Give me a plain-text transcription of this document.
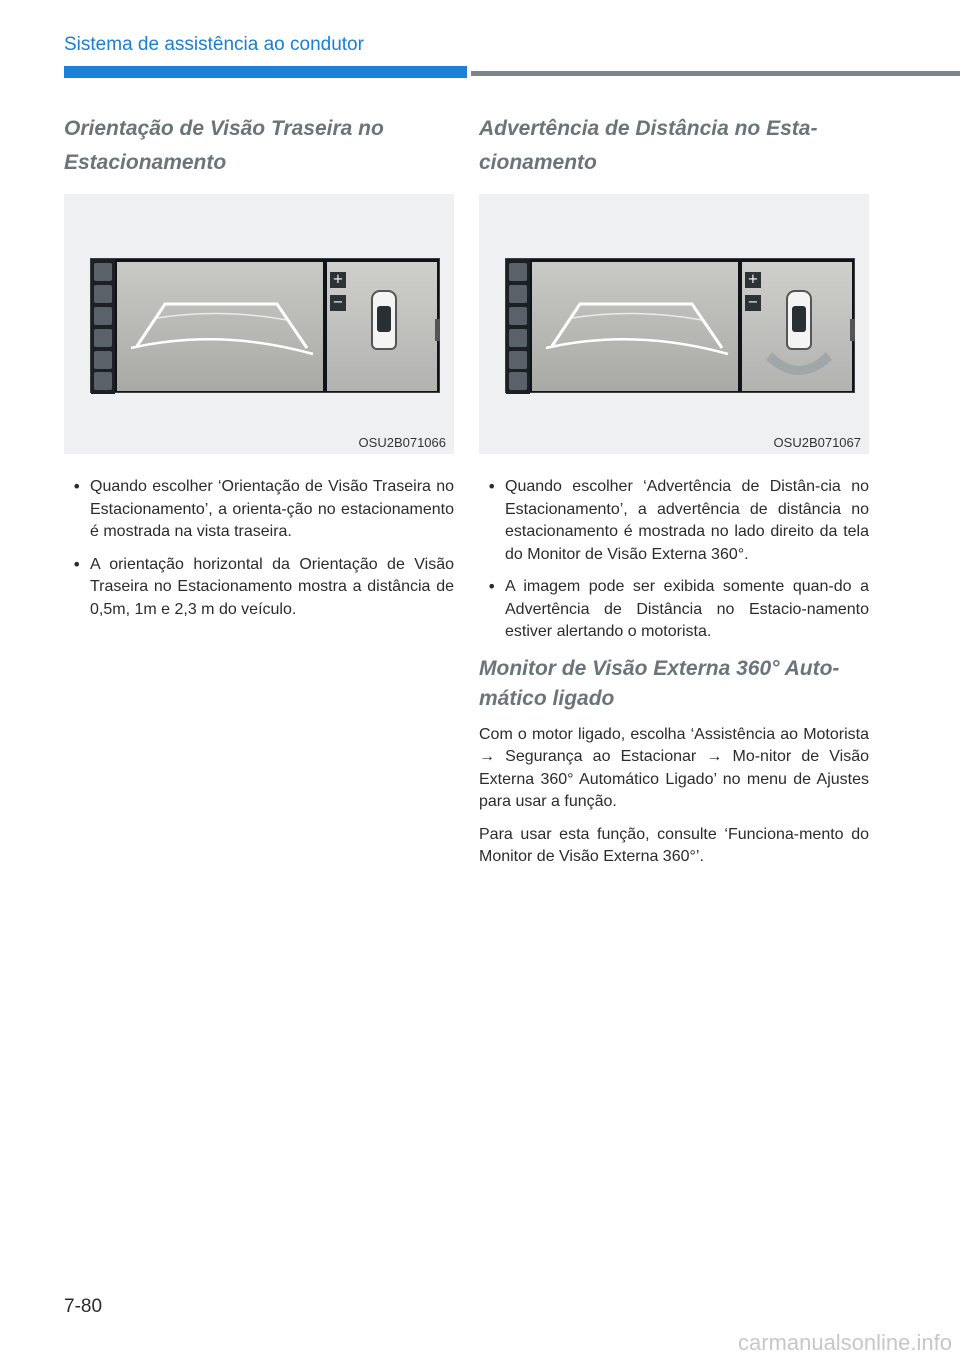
Sistema de assistência ao condutor
Orientação de Visão Traseira no Estacionamento
+
−
OSU2B071066
• Quando escolher ‘Orientação de Visão Traseira no Estacionamento’, a orienta-ção no estacionamento é mostrada na vista traseira.
• A orientação horizontal da Orientação de Visão Traseira no Estacionamento mostra a distância de 0,5m, 1m e 2,3 m do veículo.
Advertência de Distância no Esta-cionamento
+
−
OSU2B071067
• Quando escolher ‘Advertência de Distân-cia no Estacionamento’, a advertência de distância no estacionamento é mostrada no lado direito da tela do Monitor de Visão Externa 360°.
• A imagem pode ser exibida somente quan-do a Advertência de Distância no Estacio-namento estiver alertando o motorista.
Monitor de Visão Externa 360° Auto-mático ligado

Com o motor ligado, escolha ‘Assistência ao Motorista → Segurança ao Estacionar → Mo-nitor de Visão Externa 360° Automático Ligado’ no menu de Ajustes para usar a função.

Para usar esta função, consulte ‘Funciona-mento do Monitor de Visão Externa 360°’.

7-80
carmanualsonline.info
